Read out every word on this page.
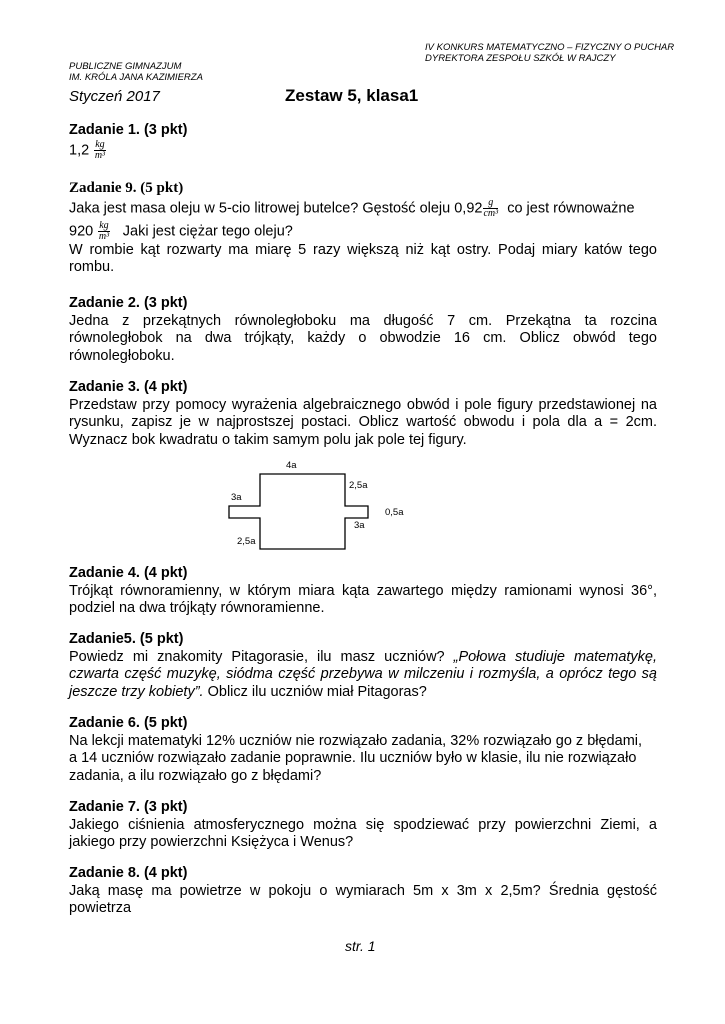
IV KONKURS MATEMATYCZNO – FIZYCZNY O PUCHAR
DYREKTORA ZESPOŁU SZKÓŁ W RAJCZY
PUBLICZNE GIMNAZJUM
IM. KRÓLA JANA KAZIMIERZA
Styczeń 2017	Zestaw 5, klasa1
Zadanie 1. (3 pkt)

$1,2 \frac{kg}{\text{m³}}$

Zadanie 9. (5 pkt)

Jaka jest masa oleju w 5-cio litrowej butelce? Gęstość oleju $0,92 \frac{g}{\text{cm³}}$ co jest równoważne

$920 \frac{kg}{\text{m³}}$ Jaki jest ciężar tego oleju?

W rombie kąt rozwarty ma miarę 5 razy większą niż kąt ostry. Podaj miary katów tego rombu.

Zadanie 2. (3 pkt)

Jedna z przekątnych równoległoboku ma długość 7 cm. Przekątna ta rozcina równoległobok na dwa trójkąty, każdy o obwodzie 16 cm. Oblicz obwód tego równoległoboku.

Zadanie 3. (4 pkt)

Przedstaw przy pomocy wyrażenia algebraicznego obwód i pole figury przedstawionej na rysunku, zapisz je w najprostszej postaci. Oblicz wartość obwodu i pola dla a = 2cm. Wyznacz bok kwadratu o takim samym polu jak pole tej figury.

4a
3a
2,5a
0,5a
3a
2,5a
Zadanie 4. (4 pkt)

Trójkąt równoramienny, w którym miara kąta zawartego między ramionami wynosi 36°, podziel na dwa trójkąty równoramienne.

Zadanie5. (5 pkt)

Powiedz mi znakomity Pitagorasie, ilu masz uczniów? „Połowa studiuje matematykę, czwarta część muzykę, siódma część przebywa w milczeniu i rozmyśla, a oprócz tego są jeszcze trzy kobiety”. Oblicz ilu uczniów miał Pitagoras?

Zadanie 6. (5 pkt)

Na lekcji matematyki 12% uczniów nie rozwiązało zadania, 32% rozwiązało go z błędami,

a 14 uczniów rozwiązało zadanie poprawnie. Ilu uczniów było w klasie, ilu nie rozwiązało

zadania, a ilu rozwiązało go z błędami?

Zadanie 7. (3 pkt)

Jakiego ciśnienia atmosferycznego można się spodziewać przy powierzchni Ziemi, a jakiego przy powierzchni Księżyca i Wenus?

Zadanie 8. (4 pkt)

Jaką masę ma powietrze w pokoju o wymiarach 5m x 3m x 2,5m? Średnia gęstość powietrza

str. 1
